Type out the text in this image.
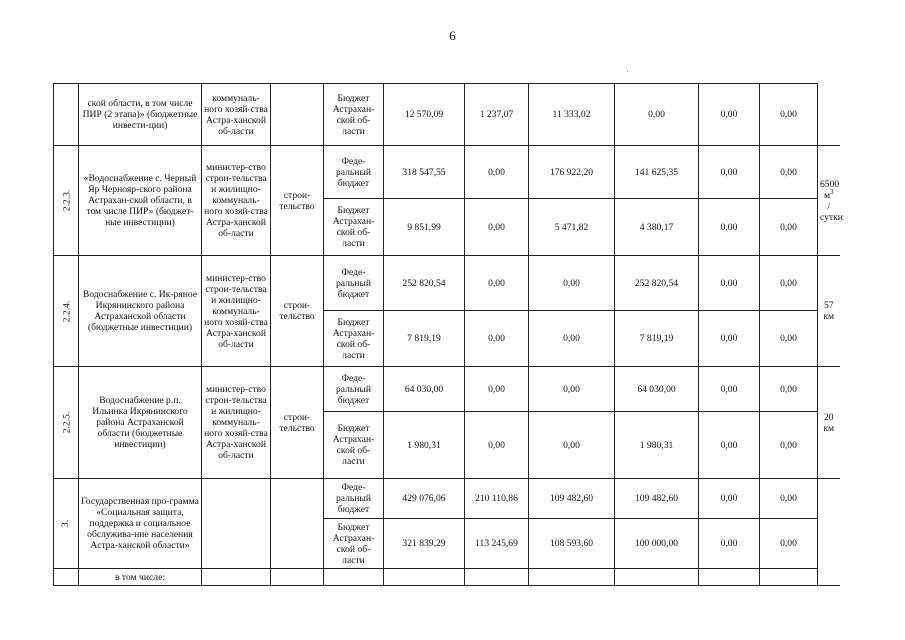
6
·
	ской области, в том числе ПИР (2 этапа)» (бюджетные инвести-ции)	коммуналь-ного хозяй-ства Астра-ханской об-ласти		Бюджет Астрахан-ской об-ласти	12 570,09	1 237,07	11 333,02	0,00	0,00	0,00	
2.2.3.	«Водоснабжение с. Черный Яр Чернояр-ского района Астрахан-ской области, в том числе ПИР» (бюджет-ные инвестиции)	министер-ство строи-тельства и жилищно-коммуналь-ного хозяй-ства Астра-ханской об-ласти	строи-тельство	Феде-ральный бюджет	318 547,55	0,00	176 922,20	141 625,35	0,00	0,00	6500 $м^3$
/ сутки
				Бюджет Астрахан-ской об-ласти	9 851,99	0,00	5 471,82	4 380,17	0,00	0,00	
2.2.4.	Водоснабжение с. Ик-ряное Икрянинского района Астраханской области (бюджетные инвестиции)	министер-ство строи-тельства и жилищно-коммуналь-ного хозяй-ства Астра-ханской об-ласти	строи-тельство	Феде-ральный бюджет	252 820,54	0,00	0,00	252 820,54	0,00	0,00	57 км
				Бюджет Астрахан-ской об-ласти	7 819,19	0,00	0,00	7 819,19	0,00	0,00	
2.2.5.	Водоснабжение р.п. Ильинка Икрянинского района Астраханской области (бюджетные инвестиции)	министер-ство строи-тельства и жилищно-коммуналь-ного хозяй-ства Астра-ханской об-ласти	строи-тельство	Феде-ральный бюджет	64 030,00	0,00	0,00	64 030,00	0,00	0,00	20 км
				Бюджет Астрахан-ской об-ласти	1 980,31	0,00	0,00	1 980,31	0,00	0,00	
3.	Государственная про-грамма «Социальная защита, поддержка и социальное обслужива-ние населения Астра-ханской области»			Феде-ральный бюджет	429 076,06	210 110,86	109 482,60	109 482,60	0,00	0,00	
				Бюджет Астрахан-ской об-ласти	321 839,29	113 245,69	108 593,60	100 000,00	0,00	0,00	
	в том числе:										
